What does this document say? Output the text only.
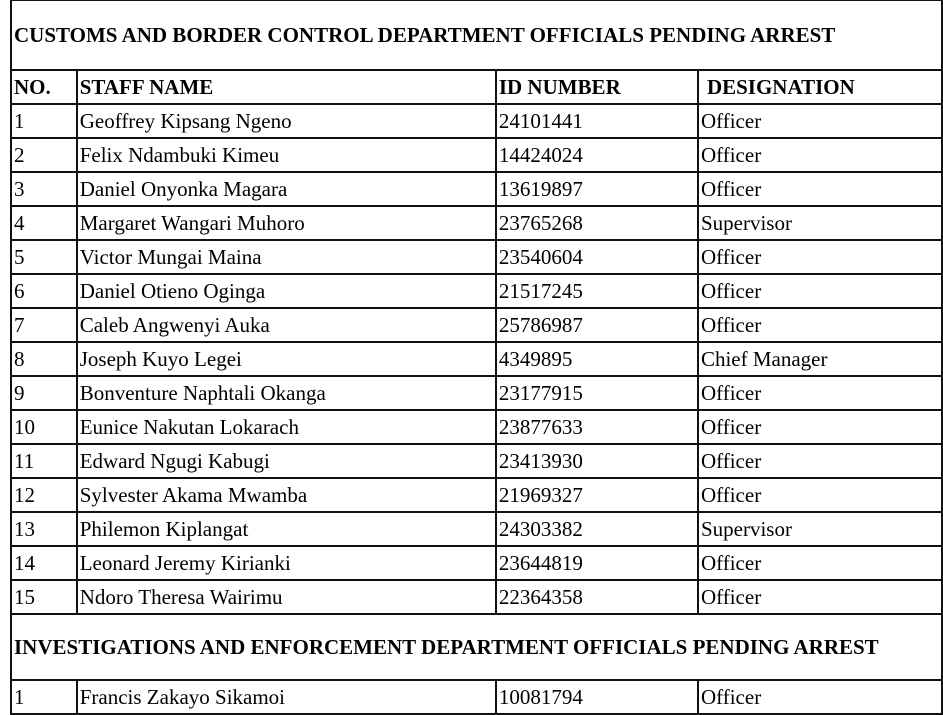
CUSTOMS AND BORDER CONTROL DEPARTMENT OFFICIALS PENDING ARREST			
NO.	STAFF NAME	ID NUMBER	DESIGNATION
1	Geoffrey Kipsang Ngeno	24101441	Officer
2	Felix Ndambuki Kimeu	14424024	Officer
3	Daniel Onyonka Magara	13619897	Officer
4	Margaret Wangari Muhoro	23765268	Supervisor
5	Victor Mungai Maina	23540604	Officer
6	Daniel Otieno Oginga	21517245	Officer
7	Caleb Angwenyi Auka	25786987	Officer
8	Joseph Kuyo Legei	4349895	Chief Manager
9	Bonventure Naphtali Okanga	23177915	Officer
10	Eunice Nakutan Lokarach	23877633	Officer
11	Edward Ngugi Kabugi	23413930	Officer
12	Sylvester Akama Mwamba	21969327	Officer
13	Philemon Kiplangat	24303382	Supervisor
14	Leonard Jeremy Kirianki	23644819	Officer
15	Ndoro Theresa Wairimu	22364358	Officer
INVESTIGATIONS AND ENFORCEMENT DEPARTMENT OFFICIALS PENDING ARREST			
1	Francis Zakayo Sikamoi	10081794	Officer
